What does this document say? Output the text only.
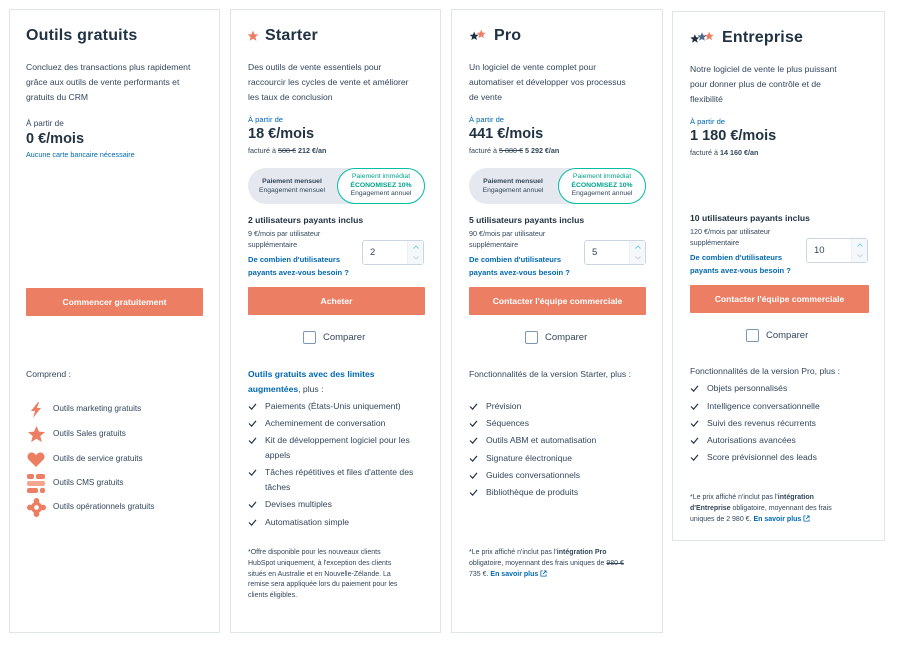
Outils gratuits
Concluez des transactions plus rapidement
grâce aux outils de vente performants et
gratuits du CRM
À partir de
0 €/mois
Aucune carte bancaire nécessaire
Commencer gratuitement
Comprend :
Outils marketing gratuits
Outils Sales gratuits
Outils de service gratuits
Outils CMS gratuits
Outils opérationnels gratuits
Starter
Des outils de vente essentiels pour
raccourcir les cycles de vente et améliorer
les taux de conclusion
À partir de
18 €/mois
facturé à 588 € 212 €/an
Paiement mensuel
Engagement mensuel
Paiement immédiat
ÉCONOMISEZ 10%
Engagement annuel
2 utilisateurs payants inclus
9 €/mois par utilisateur
supplémentaire
De combien d'utilisateurs
payants avez-vous besoin ?
2
Acheter
Comparer
Outils gratuits avec des limites
augmentées, plus :
Paiements (États-Unis uniquement)
Acheminement de conversation
Kit de développement logiciel pour les
appels
Tâches répétitives et files d'attente des
tâches
Devises multiples
Automatisation simple
*Offre disponible pour les nouveaux clients
HubSpot uniquement, à l'exception des clients
situés en Australie et en Nouvelle-Zélande. La
remise sera appliquée lors du paiement pour les
clients éligibles.
Pro
Un logiciel de vente complet pour
automatiser et développer vos processus
de vente
À partir de
441 €/mois
facturé à 5 880 € 5 292 €/an
Paiement mensuel
Engagement annuel
Paiement immédiat
ÉCONOMISEZ 10%
Engagement annuel
5 utilisateurs payants inclus
90 €/mois par utilisateur
supplémentaire
De combien d'utilisateurs
payants avez-vous besoin ?
5
Contacter l'équipe commerciale
Comparer
Fonctionnalités de la version Starter, plus :
Prévision
Séquences
Outils ABM et automatisation
Signature électronique
Guides conversationnels
Bibliothèque de produits
*Le prix affiché n'inclut pas l'intégration Pro
obligatoire, moyennant des frais uniques de 980 €
735 €. En savoir plus
Entreprise
Notre logiciel de vente le plus puissant
pour donner plus de contrôle et de
flexibilité
À partir de
1 180 €/mois
facturé à 14 160 €/an
10 utilisateurs payants inclus
120 €/mois par utilisateur
supplémentaire
De combien d'utilisateurs
payants avez-vous besoin ?
10
Contacter l'équipe commerciale
Comparer
Fonctionnalités de la version Pro, plus :
Objets personnalisés
Intelligence conversationnelle
Suivi des revenus récurrents
Autorisations avancées
Score prévisionnel des leads
*Le prix affiché n'inclut pas l'intégration
d'Entreprise obligatoire, moyennant des frais
uniques de 2 980 €. En savoir plus
